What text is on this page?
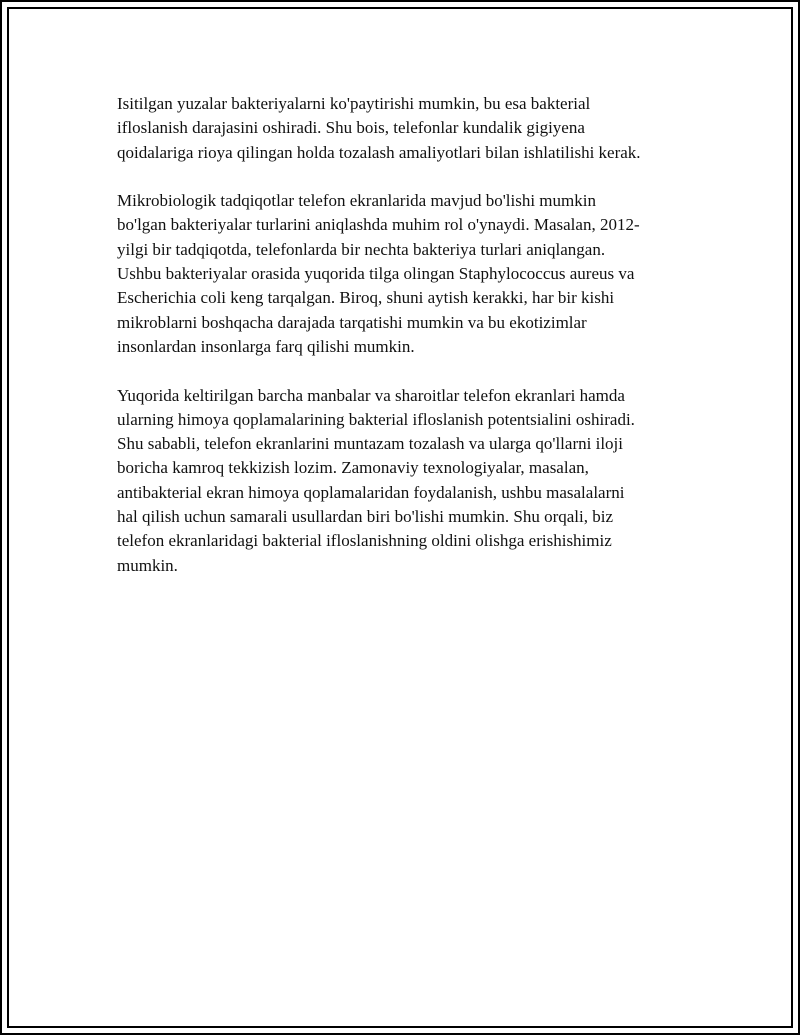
Isitilgan yuzalar bakteriyalarni ko'paytirishi mumkin, bu esa bakterial
ifloslanish darajasini oshiradi. Shu bois, telefonlar kundalik gigiyena
qoidalariga rioya qilingan holda tozalash amaliyotlari bilan ishlatilishi kerak.

Mikrobiologik tadqiqotlar telefon ekranlarida mavjud bo'lishi mumkin
bo'lgan bakteriyalar turlarini aniqlashda muhim rol o'ynaydi. Masalan, 2012-
yilgi bir tadqiqotda, telefonlarda bir nechta bakteriya turlari aniqlangan.
Ushbu bakteriyalar orasida yuqorida tilga olingan Staphylococcus aureus va
Escherichia coli keng tarqalgan. Biroq, shuni aytish kerakki, har bir kishi
mikroblarni boshqacha darajada tarqatishi mumkin va bu ekotizimlar
insonlardan insonlarga farq qilishi mumkin.

Yuqorida keltirilgan barcha manbalar va sharoitlar telefon ekranlari hamda
ularning himoya qoplamalarining bakterial ifloslanish potentsialini oshiradi.
Shu sababli, telefon ekranlarini muntazam tozalash va ularga qo'llarni iloji
boricha kamroq tekkizish lozim. Zamonaviy texnologiyalar, masalan,
antibakterial ekran himoya qoplamalaridan foydalanish, ushbu masalalarni
hal qilish uchun samarali usullardan biri bo'lishi mumkin. Shu orqali, biz
telefon ekranlaridagi bakterial ifloslanishning oldini olishga erishishimiz
mumkin.
